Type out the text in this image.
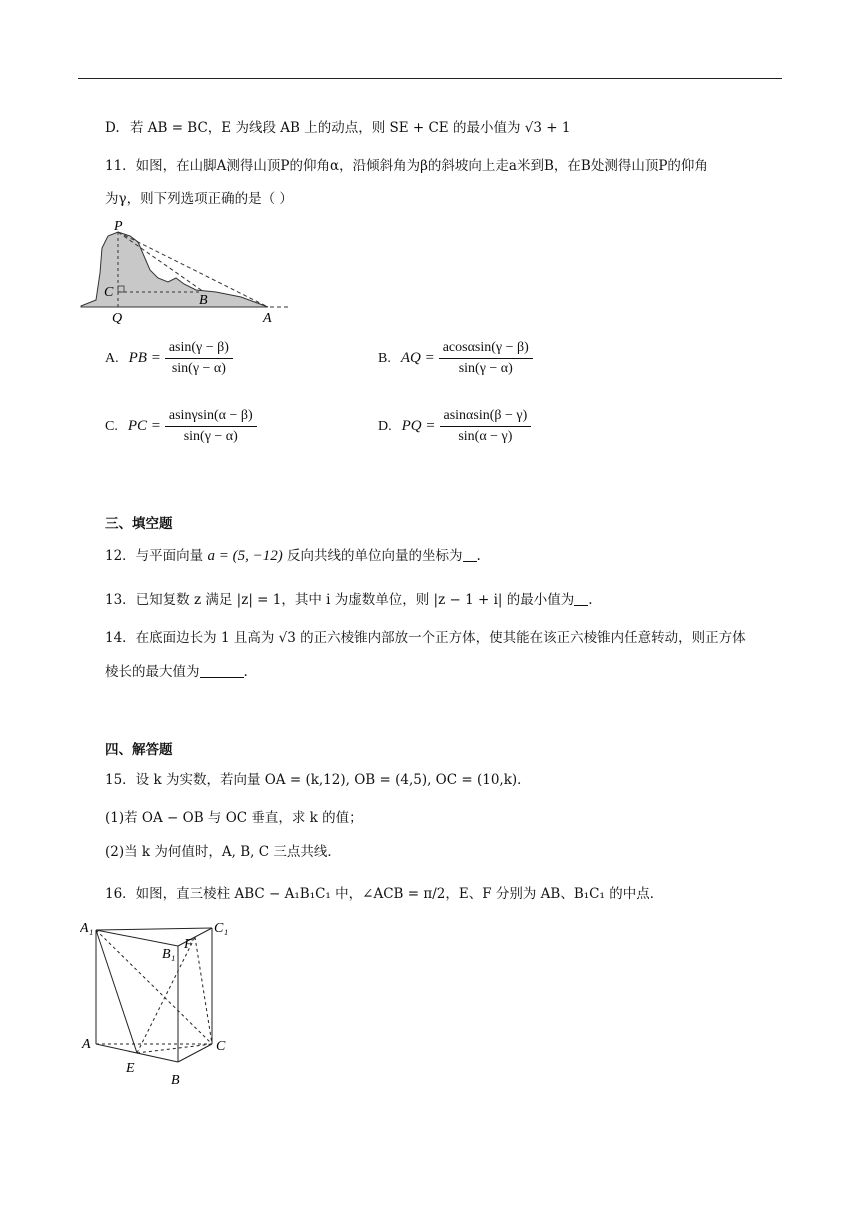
D. 若 AB = BC，E 为线段 AB 上的动点，则 SE + CE 的最小值为 √3 + 1
11．如图，在山脚A测得山顶P的仰角α，沿倾斜角为β的斜坡向上走a米到B，在B处测得山顶P的仰角
为γ，则下列选项正确的是（ ）
P
C
B
Q	A
A. PB = $\frac{asin(\gamma - \beta)}{\sin(\gamma - \alpha)}$	B. AQ = $\frac{acos\alpha\sin(\gamma - \beta)}{\sin(\gamma - \alpha)}$
C. PC = $\frac{asin\gamma\sin(\alpha - \beta)}{\sin(\gamma - \alpha)}$	D. PQ = $\frac{asin\alpha\sin(\beta - \gamma)}{\sin(\alpha - \gamma)}$
三、填空题
12．与平面向量 a = (5, −12) 反向共线的单位向量的坐标为 .
13．已知复数 z 满足 |z| = 1，其中 i 为虚数单位，则 |z − 1 + i| 的最小值为 .
14．在底面边长为 1 且高为 √3 的正六棱锥内部放一个正方体，使其能在该正六棱锥内任意转动，则正方体
棱长的最大值为	.
四、解答题
15．设 k 为实数，若向量 OA = (k,12), OB = (4,5), OC = (10,k)．
(1)若 OA − OB 与 OC 垂直，求 k 的值；
(2)当 k 为何值时，A, B, C 三点共线．
16．如图，直三棱柱 ABC − A₁B₁C₁ 中，∠ACB = π/2，E、F 分别为 AB、B₁C₁ 的中点．
A₁	C₁
B₁
F
A	C
E
B
